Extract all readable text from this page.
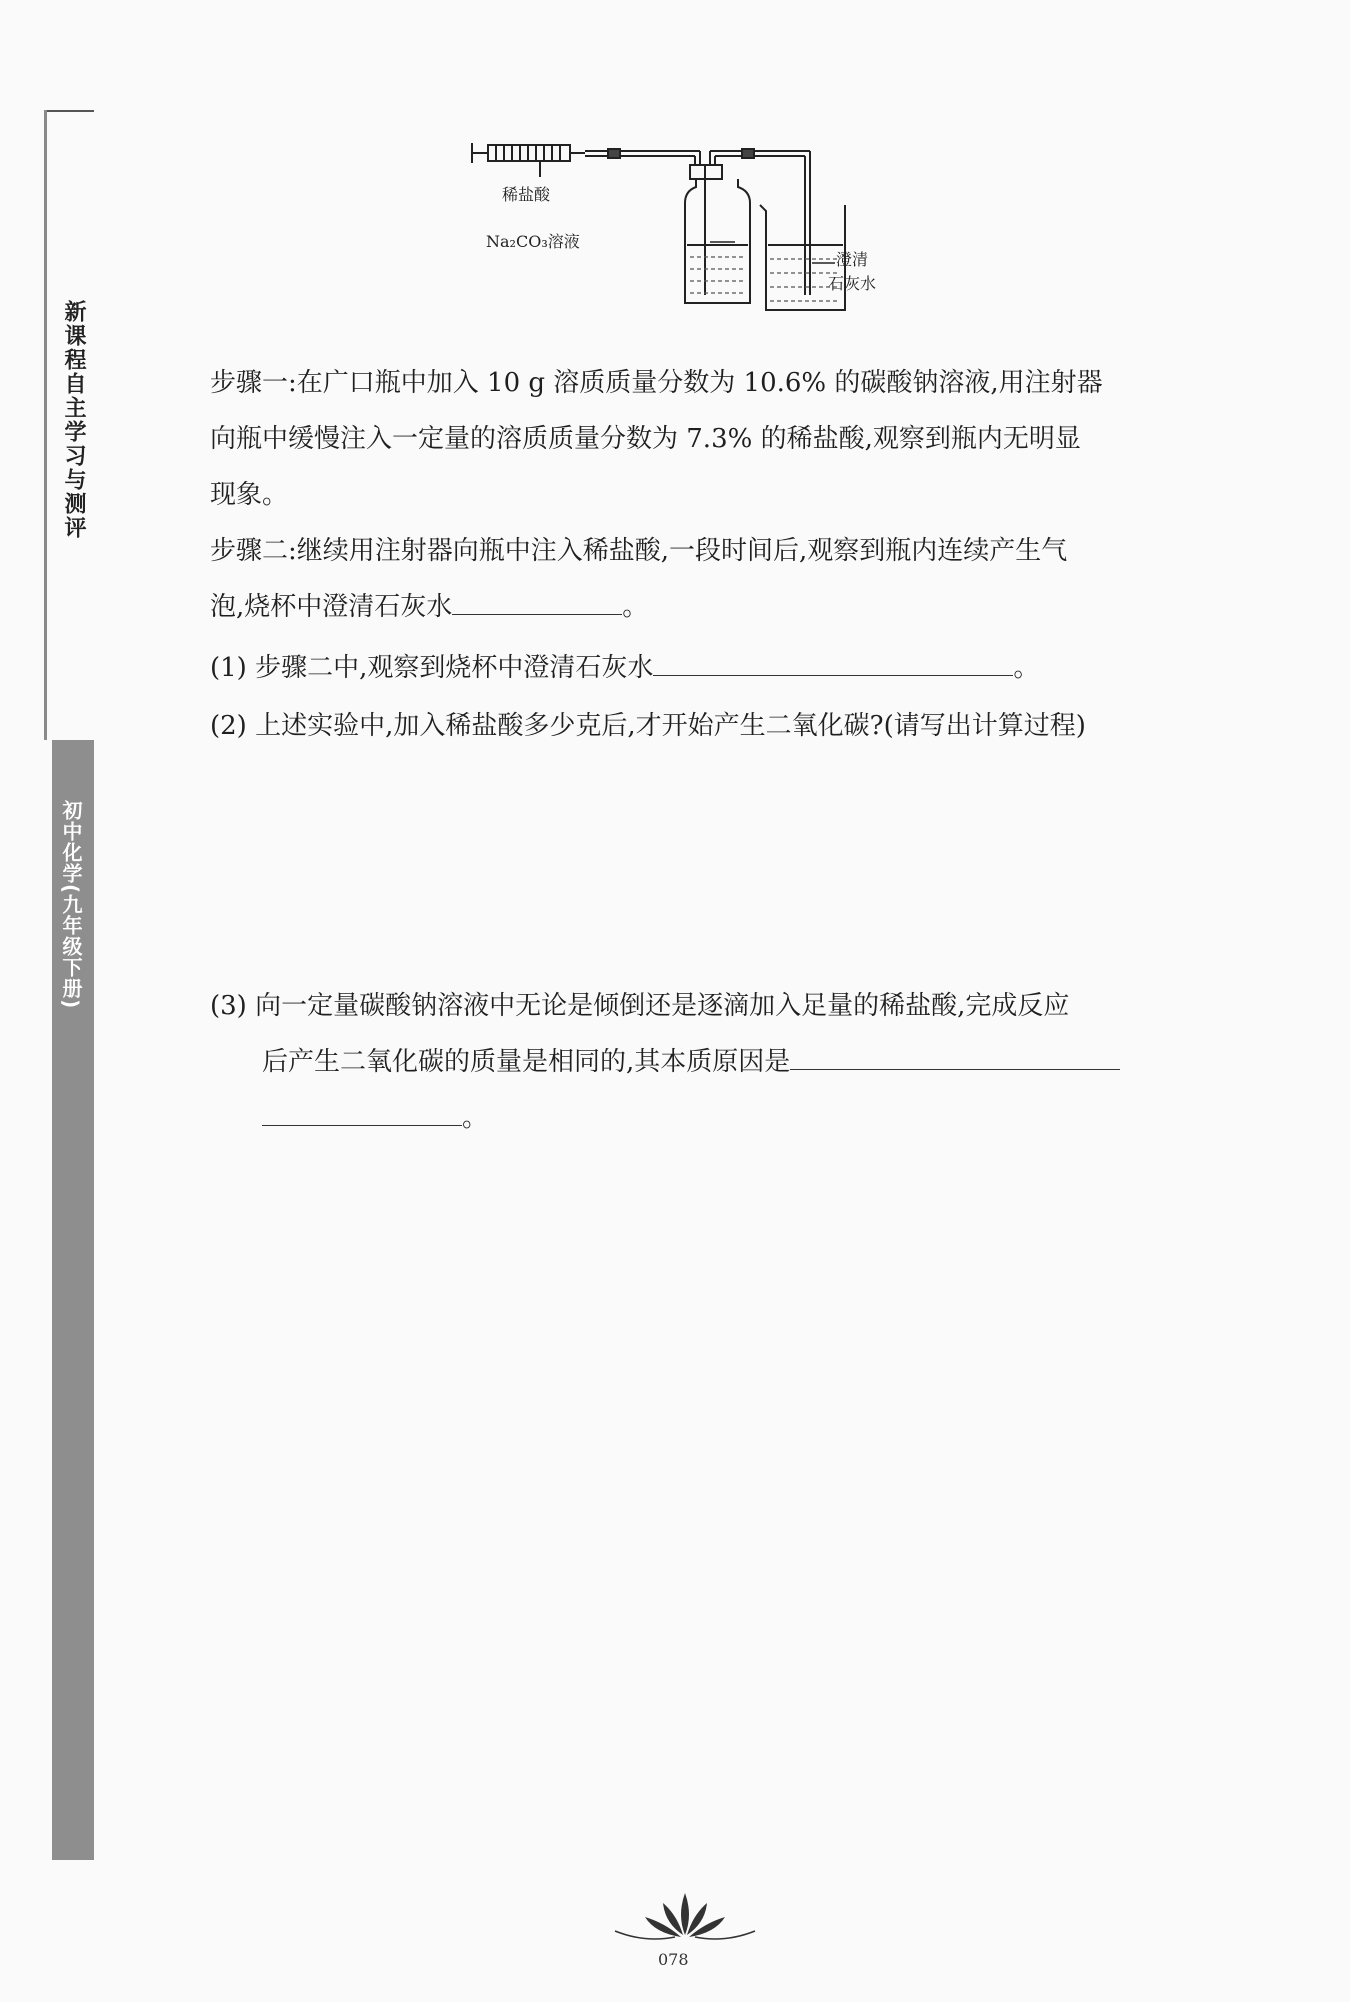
新课程自主学习与测评
初中化学(九年级下册)
稀盐酸
Na₂CO₃溶液
澄清
石灰水

步骤一:在广口瓶中加入 10 g 溶质质量分数为 10.6% 的碳酸钠溶液,用注射器

向瓶中缓慢注入一定量的溶质质量分数为 7.3% 的稀盐酸,观察到瓶内无明显

现象。

步骤二:继续用注射器向瓶中注入稀盐酸,一段时间后,观察到瓶内连续产生气

泡,烧杯中澄清石灰水	。

(1) 步骤二中,观察到烧杯中澄清石灰水	。

(2) 上述实验中,加入稀盐酸多少克后,才开始产生二氧化碳?(请写出计算过程)

(3) 向一定量碳酸钠溶液中无论是倾倒还是逐滴加入足量的稀盐酸,完成反应

后产生二氧化碳的质量是相同的,其本质原因是

。

078
